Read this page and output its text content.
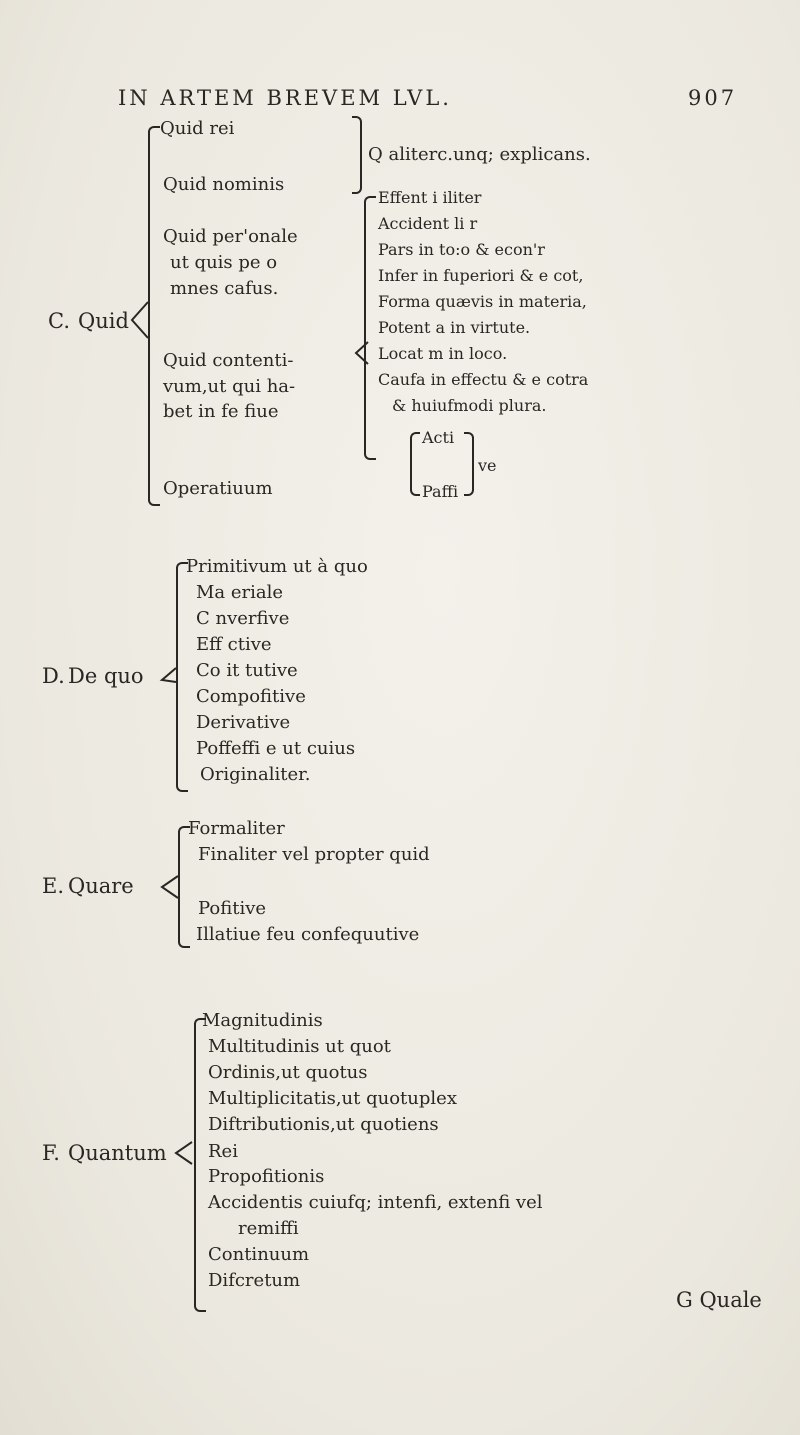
IN ARTEM BREVEM LVL.	907
C. Quid
Quid rei
Quid nominis
Quid per'onale
ut quis pe o
mnes cafus.
Quid contenti-
vum,ut qui ha-
bet in fe fiue
Operatiuum
Q aliterc.unq; explicans.
Effent i iliter
Accident li r
Pars in to:o & econ'r
Infer in fuperiori & e cot,
Forma quævis in materia,
Potent a in virtute.
Locat m in loco.
Caufa in effectu & e cotra
& huiufmodi plura.
Acti
Paffi
ve
D. De quo
Primitivum ut à quo
Ma eriale
C nverfive
Eff ctive
Co it tutive
Compofitive
Derivative
Poffeffi e ut cuius
Originaliter.
E. Quare
Formaliter
Finaliter vel propter quid
Pofitive
Illatiue feu confequutive
F. Quantum
Magnitudinis
Multitudinis ut quot
Ordinis,ut quotus
Multiplicitatis,ut quotuplex
Diftributionis,ut quotiens
Rei
Propofitionis
Accidentis cuiufq; intenfi, extenfi vel
remiffi
Continuum
Difcretum
G Quale
